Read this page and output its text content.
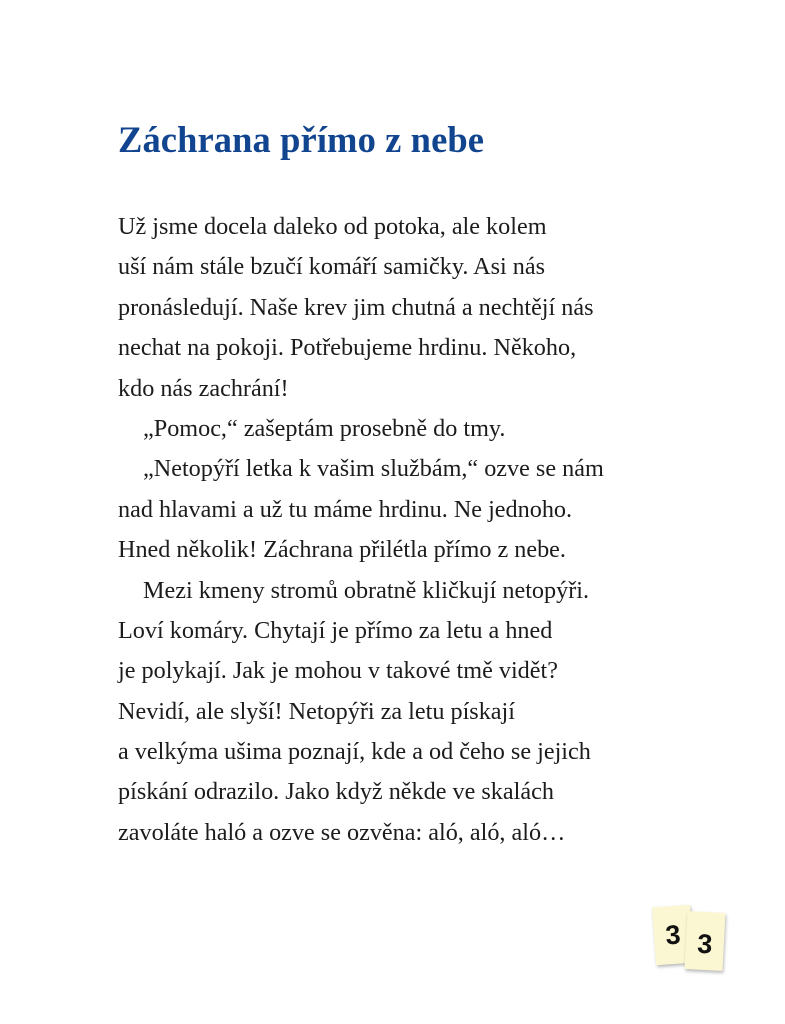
Záchrana přímo z nebe
Už jsme docela daleko od potoka, ale kolem
uší nám stále bzučí komáří samičky. Asi nás
pronásledují. Naše krev jim chutná a nechtějí nás
nechat na pokoji. Potřebujeme hrdinu. Někoho,
kdo nás zachrání!
„Pomoc,“ zašeptám prosebně do tmy.
„Netopýří letka k vašim službám,“ ozve se nám
nad hlavami a už tu máme hrdinu. Ne jednoho.
Hned několik! Záchrana přilétla přímo z nebe.
Mezi kmeny stromů obratně kličkují netopýři.
Loví komáry. Chytají je přímo za letu a hned
je polykají. Jak je mohou v takové tmě vidět?
Nevidí, ale slyší! Netopýři za letu pískají
a velkýma ušima poznají, kde a od čeho se jejich
pískání odrazilo. Jako když někde ve skalách
zavoláte haló a ozve se ozvěna: aló, aló, aló…
3 3
